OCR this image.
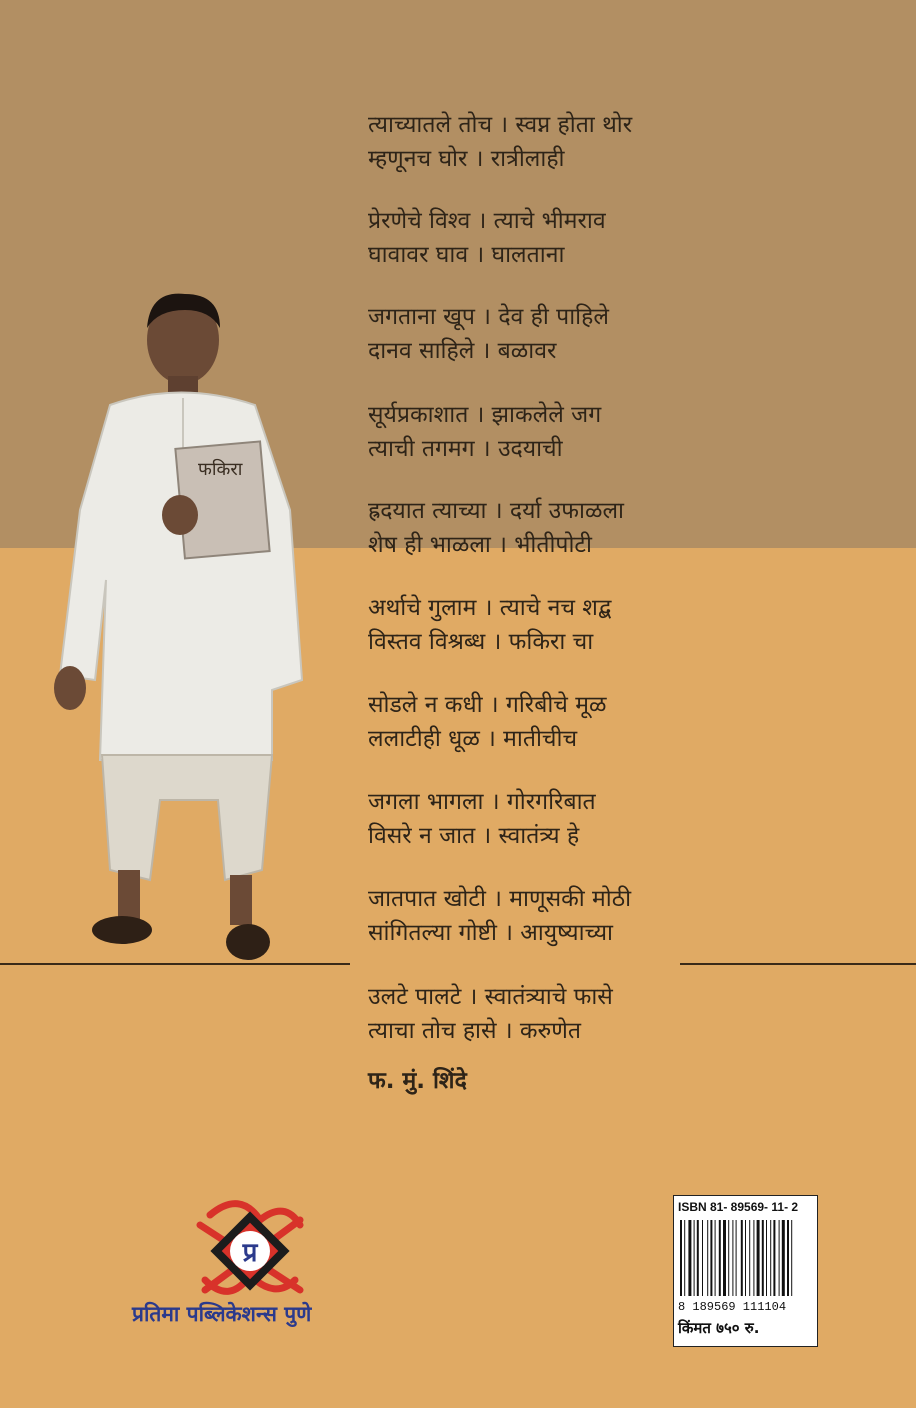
फकिरा
त्याच्यातले तोच । स्वप्न होता थोर
म्हणूनच घोर । रात्रीलाही
प्रेरणेचे विश्व । त्याचे भीमराव
घावावर घाव । घालताना
जगताना खूप । देव ही पाहिले
दानव साहिले । बळावर
सूर्यप्रकाशात । झाकलेले जग
त्याची तगमग । उदयाची
ह्रदयात त्याच्या । दर्या उफाळला
शेष ही भाळला । भीतीपोटी
अर्थाचे गुलाम । त्याचे नच शद्ब
विस्तव विश्रब्ध । फकिरा चा
सोडले न कधी । गरिबीचे मूळ
ललाटीही धूळ । मातीचीच
जगला भागला । गोरगरिबात
विसरे न जात । स्वातंत्र्य हे
जातपात खोटी । माणूसकी मोठी
सांगितल्या गोष्टी । आयुष्याच्या
उलटे पालटे । स्वातंत्र्याचे फासे
त्याचा तोच हासे । करुणेत
फ. मुं. शिंदे
प्र
प्रतिमा पब्लिकेशन्स पुणे
ISBN 81- 89569- 11- 2
8 189569 111104
किंमत ७५० रु.
